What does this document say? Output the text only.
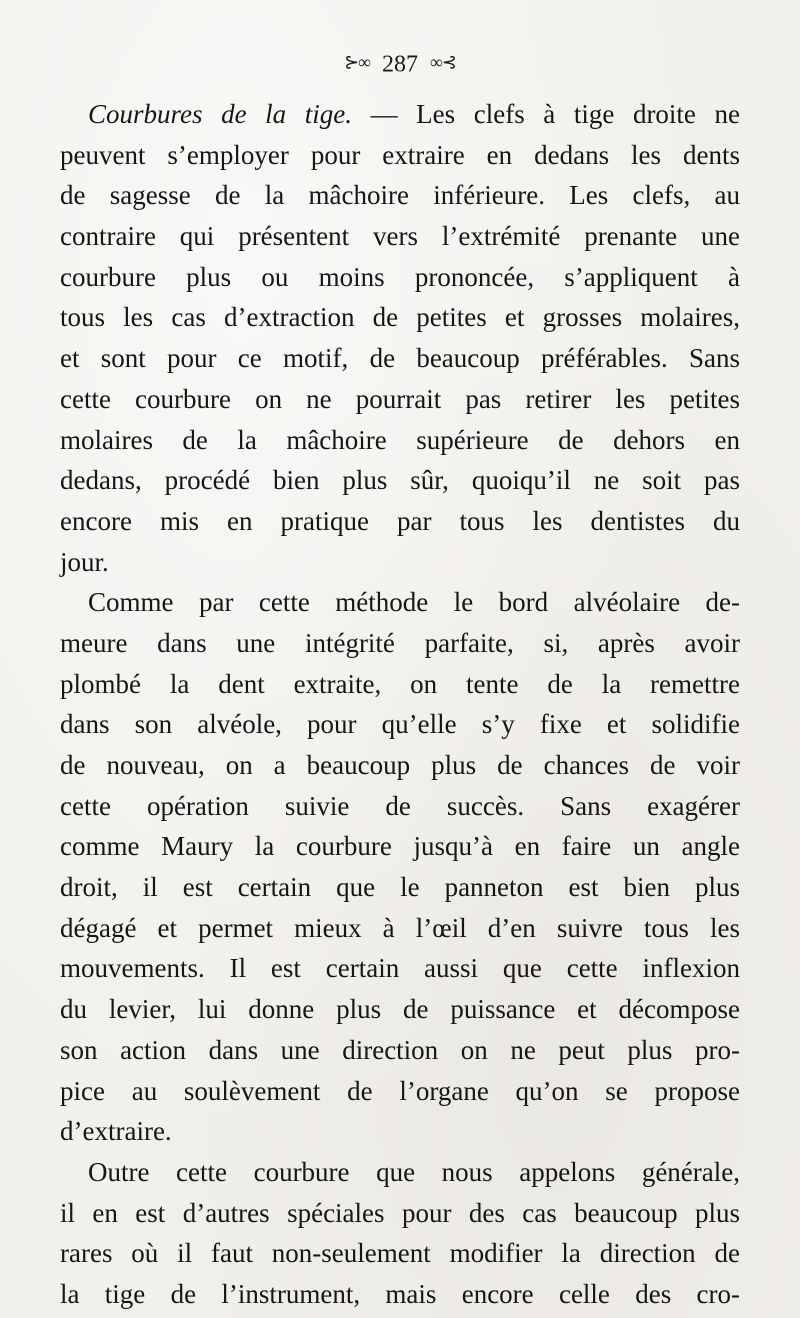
⊱∞ 287 ∞⊰
Courbures de la tige. — Les clefs à tige droite ne
peuvent s’employer pour extraire en dedans les dents
de sagesse de la mâchoire inférieure. Les clefs, au
contraire qui présentent vers l’extrémité prenante une
courbure plus ou moins prononcée, s’appliquent à
tous les cas d’extraction de petites et grosses molaires,
et sont pour ce motif, de beaucoup préférables. Sans
cette courbure on ne pourrait pas retirer les petites
molaires de la mâchoire supérieure de dehors en
dedans, procédé bien plus sûr, quoiqu’il ne soit pas
encore mis en pratique par tous les dentistes du
jour.
Comme par cette méthode le bord alvéolaire de-
meure dans une intégrité parfaite, si, après avoir
plombé la dent extraite, on tente de la remettre
dans son alvéole, pour qu’elle s’y fixe et solidifie
de nouveau, on a beaucoup plus de chances de voir
cette opération suivie de succès. Sans exagérer
comme Maury la courbure jusqu’à en faire un angle
droit, il est certain que le panneton est bien plus
dégagé et permet mieux à l’œil d’en suivre tous les
mouvements. Il est certain aussi que cette inflexion
du levier, lui donne plus de puissance et décompose
son action dans une direction on ne peut plus pro-
pice au soulèvement de l’organe qu’on se propose
d’extraire.
Outre cette courbure que nous appelons générale,
il en est d’autres spéciales pour des cas beaucoup plus
rares où il faut non-seulement modifier la direction de
la tige de l’instrument, mais encore celle des cro-
